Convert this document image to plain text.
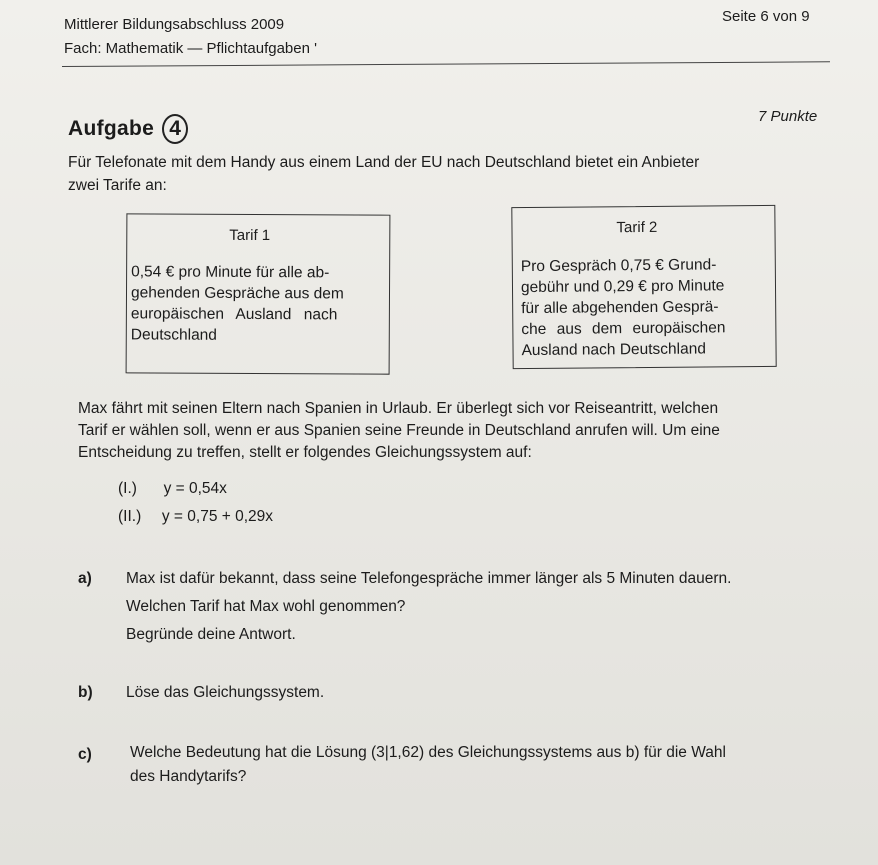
Mittlerer Bildungsabschluss 2009	Seite 6 von 9
Fach: Mathematik — Pflichtaufgaben '
Aufgabe 4
7 Punkte
Für Telefonate mit dem Handy aus einem Land der EU nach Deutschland bietet ein Anbieter
zwei Tarife an:
Tarif 1
0,54 € pro Minute für alle ab-
gehenden Gespräche aus dem
europäischen Ausland nach
Deutschland
Tarif 2
Pro Gespräch 0,75 € Grund-
gebühr und 0,29 € pro Minute
für alle abgehenden Gesprä-
che aus dem europäischen
Ausland nach Deutschland
Max fährt mit seinen Eltern nach Spanien in Urlaub. Er überlegt sich vor Reiseantritt, welchen
Tarif er wählen soll, wenn er aus Spanien seine Freunde in Deutschland anrufen will. Um eine
Entscheidung zu treffen, stellt er folgendes Gleichungssystem auf:
(I.) y = 0,54x
(II.) y = 0,75 + 0,29x
a) Max ist dafür bekannt, dass seine Telefongespräche immer länger als 5 Minuten dauern.
Welchen Tarif hat Max wohl genommen?
Begründe deine Antwort.
b) Löse das Gleichungssystem.
c) Welche Bedeutung hat die Lösung (3|1,62) des Gleichungssystems aus b) für die Wahl
des Handytarifs?
